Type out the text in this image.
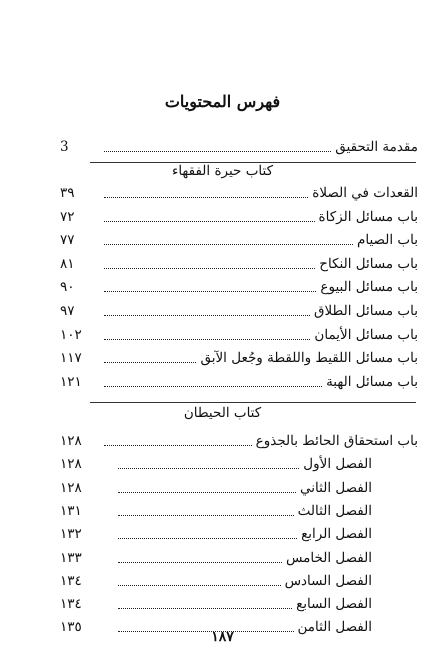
فهرس المحتويات
مقدمة التحقيق
3
كتاب حيرة الفقهاء
القعدات في الصلاة
٣٩
باب مسائل الزكاة
٧٢
باب الصيام
٧٧
باب مسائل النكاح
٨١
باب مسائل البيوع
٩٠
باب مسائل الطلاق
٩٧
باب مسائل الأيمان
١٠٢
باب مسائل اللقيط واللقطة وجُعل الآبق
١١٧
باب مسائل الهبة
١٢١
كتاب الحيطان
باب استحقاق الحائط بالجذوع
١٢٨
الفصل الأول
١٢٨
الفصل الثاني
١٢٨
الفصل الثالث
١٣١
الفصل الرابع
١٣٢
الفصل الخامس
١٣٣
الفصل السادس
١٣٤
الفصل السابع
١٣٤
الفصل الثامن
١٣٥
١٨٧
